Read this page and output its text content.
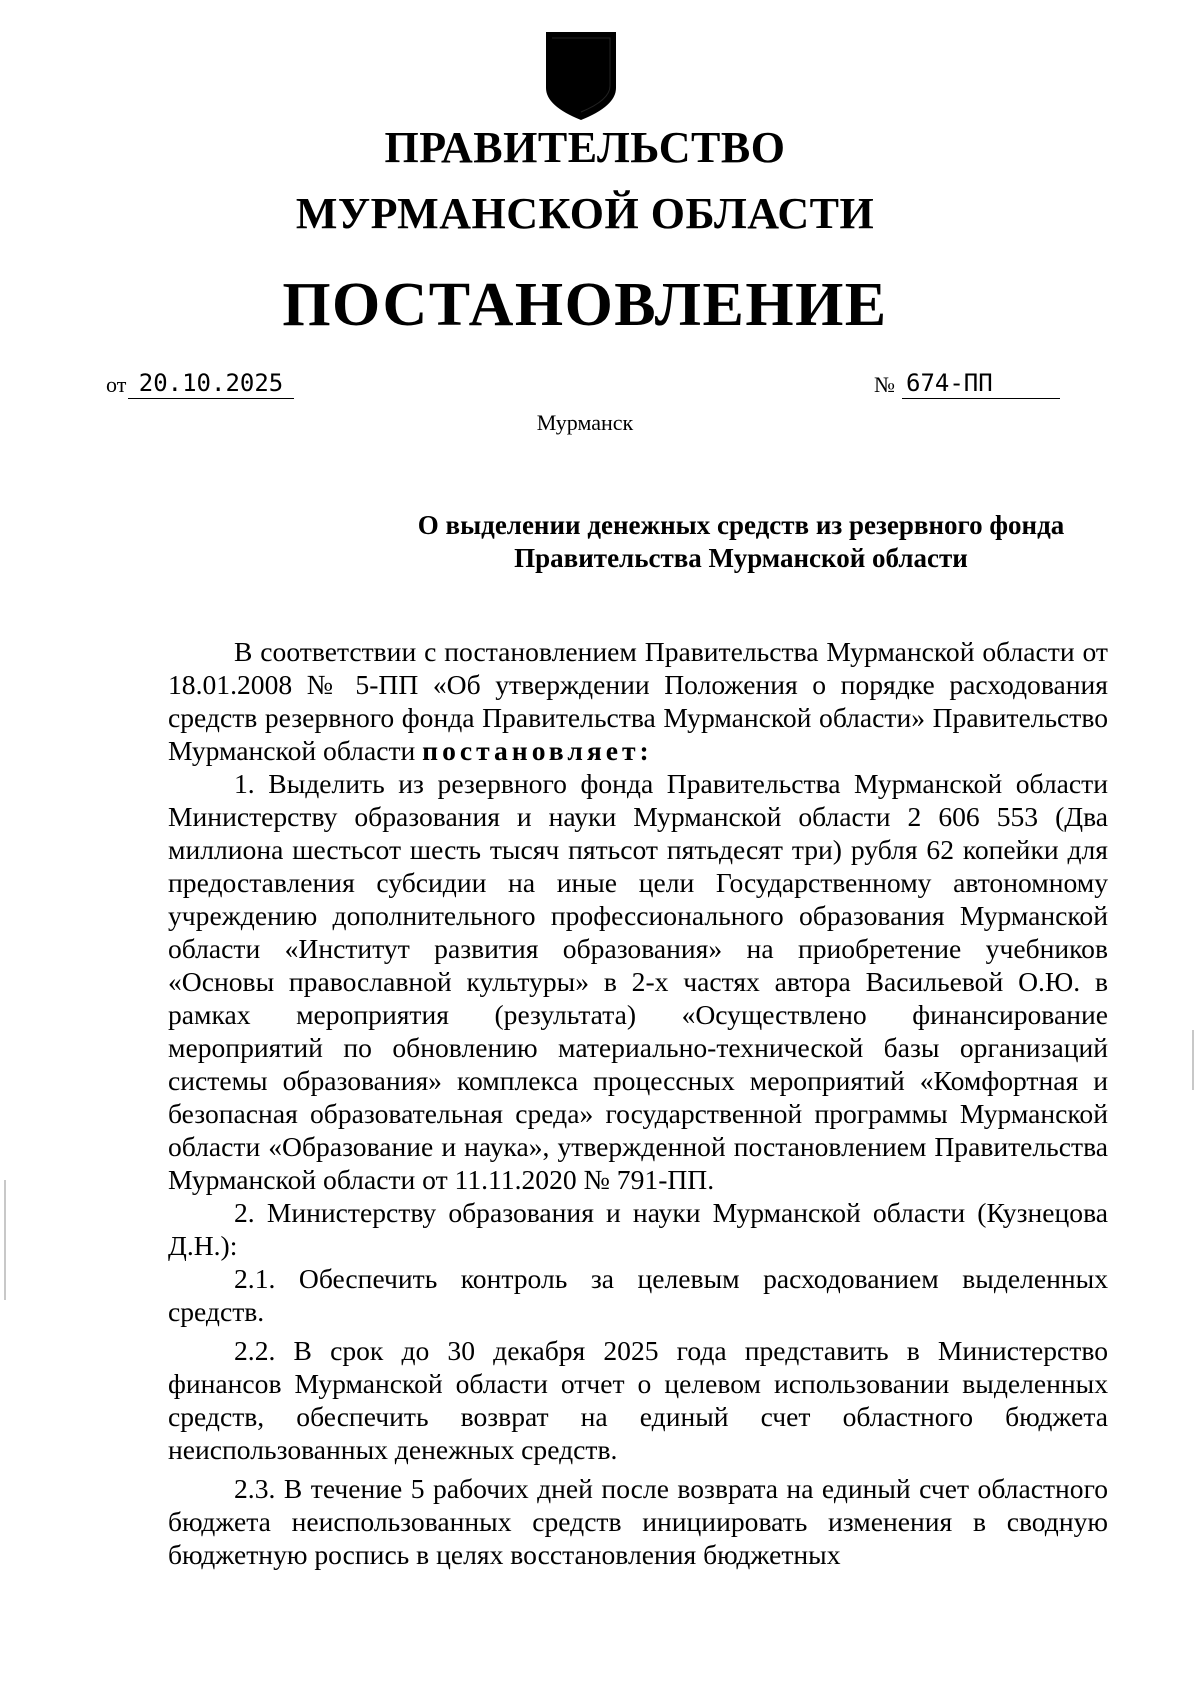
ПРАВИТЕЛЬСТВО
МУРМАНСКОЙ ОБЛАСТИ
ПОСТАНОВЛЕНИЕ
от 20.10.2025	№ 674-ПП
Мурманск
О выделении денежных средств из резервного фонда
Правительства Мурманской области

В соответствии с постановлением Правительства Мурманской области от 18.01.2008 № 5-ПП «Об утверждении Положения о порядке расходования средств резервного фонда Правительства Мурманской области» Правительство Мурманской области постановляет:

1. Выделить из резервного фонда Правительства Мурманской области Министерству образования и науки Мурманской области 2 606 553 (Два миллиона шестьсот шесть тысяч пятьсот пятьдесят три) рубля 62 копейки для предоставления субсидии на иные цели Государственному автономному учреждению дополнительного профессионального образования Мурманской области «Институт развития образования» на приобретение учебников «Основы православной культуры» в 2-х частях автора Васильевой О.Ю. в рамках мероприятия (результата) «Осуществлено финансирование мероприятий по обновлению материально-технической базы организаций системы образования» комплекса процессных мероприятий «Комфортная и безопасная образовательная среда» государственной программы Мурманской области «Образование и наука», утвержденной постановлением Правительства Мурманской области от 11.11.2020 № 791-ПП.

2. Министерству образования и науки Мурманской области (Кузнецова Д.Н.):

2.1. Обеспечить контроль за целевым расходованием выделенных средств.

2.2. В срок до 30 декабря 2025 года представить в Министерство финансов Мурманской области отчет о целевом использовании выделенных средств, обеспечить возврат на единый счет областного бюджета неиспользованных денежных средств.

2.3. В течение 5 рабочих дней после возврата на единый счет областного бюджета неиспользованных средств инициировать изменения в сводную бюджетную роспись в целях восстановления бюджетных
